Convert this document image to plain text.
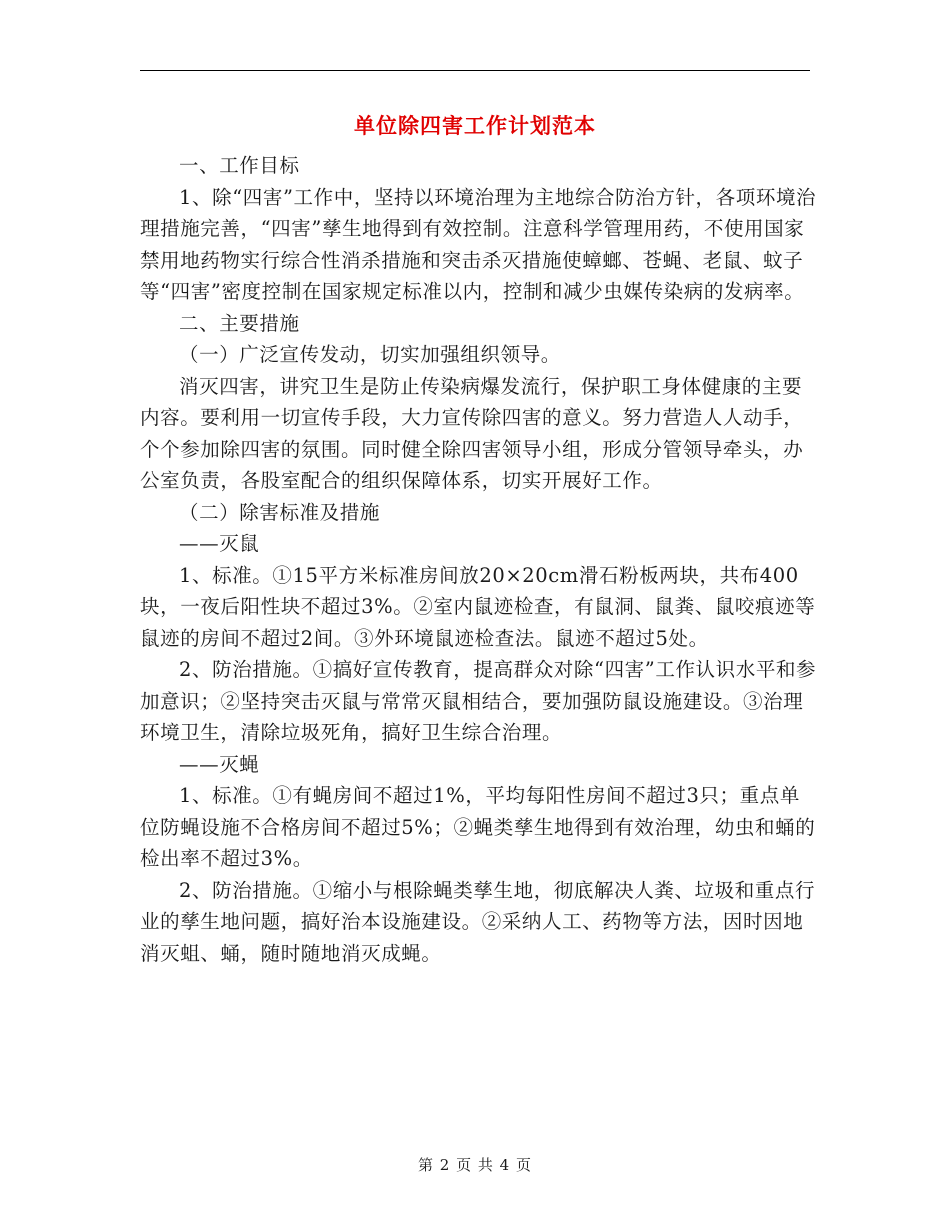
单位除四害工作计划范本

一、工作目标

1、除“四害”工作中，坚持以环境治理为主地综合防治方针，各项环境治理措施完善，“四害”孳生地得到有效控制。注意科学管理用药，不使用国家禁用地药物实行综合性消杀措施和突击杀灭措施使蟑螂、苍蝇、老鼠、蚊子等“四害”密度控制在国家规定标准以内，控制和减少虫媒传染病的发病率。

二、主要措施

（一）广泛宣传发动，切实加强组织领导。

消灭四害，讲究卫生是防止传染病爆发流行，保护职工身体健康的主要内容。要利用一切宣传手段，大力宣传除四害的意义。努力营造人人动手，个个参加除四害的氛围。同时健全除四害领导小组，形成分管领导牵头，办公室负责，各股室配合的组织保障体系，切实开展好工作。

（二）除害标准及措施

——灭鼠

1、标准。①15平方米标准房间放20×20cm滑石粉板两块，共布400块，一夜后阳性块不超过3%。②室内鼠迹检查，有鼠洞、鼠粪、鼠咬痕迹等鼠迹的房间不超过2间。③外环境鼠迹检查法。鼠迹不超过5处。

2、防治措施。①搞好宣传教育，提高群众对除“四害”工作认识水平和参加意识；②坚持突击灭鼠与常常灭鼠相结合，要加强防鼠设施建设。③治理环境卫生，清除垃圾死角，搞好卫生综合治理。

——灭蝇

1、标准。①有蝇房间不超过1%，平均每阳性房间不超过3只；重点单位防蝇设施不合格房间不超过5%；②蝇类孳生地得到有效治理，幼虫和蛹的检出率不超过3%。

2、防治措施。①缩小与根除蝇类孳生地，彻底解决人粪、垃圾和重点行业的孳生地问题，搞好治本设施建设。②采纳人工、药物等方法，因时因地消灭蛆、蛹，随时随地消灭成蝇。

第 2 页 共 4 页
